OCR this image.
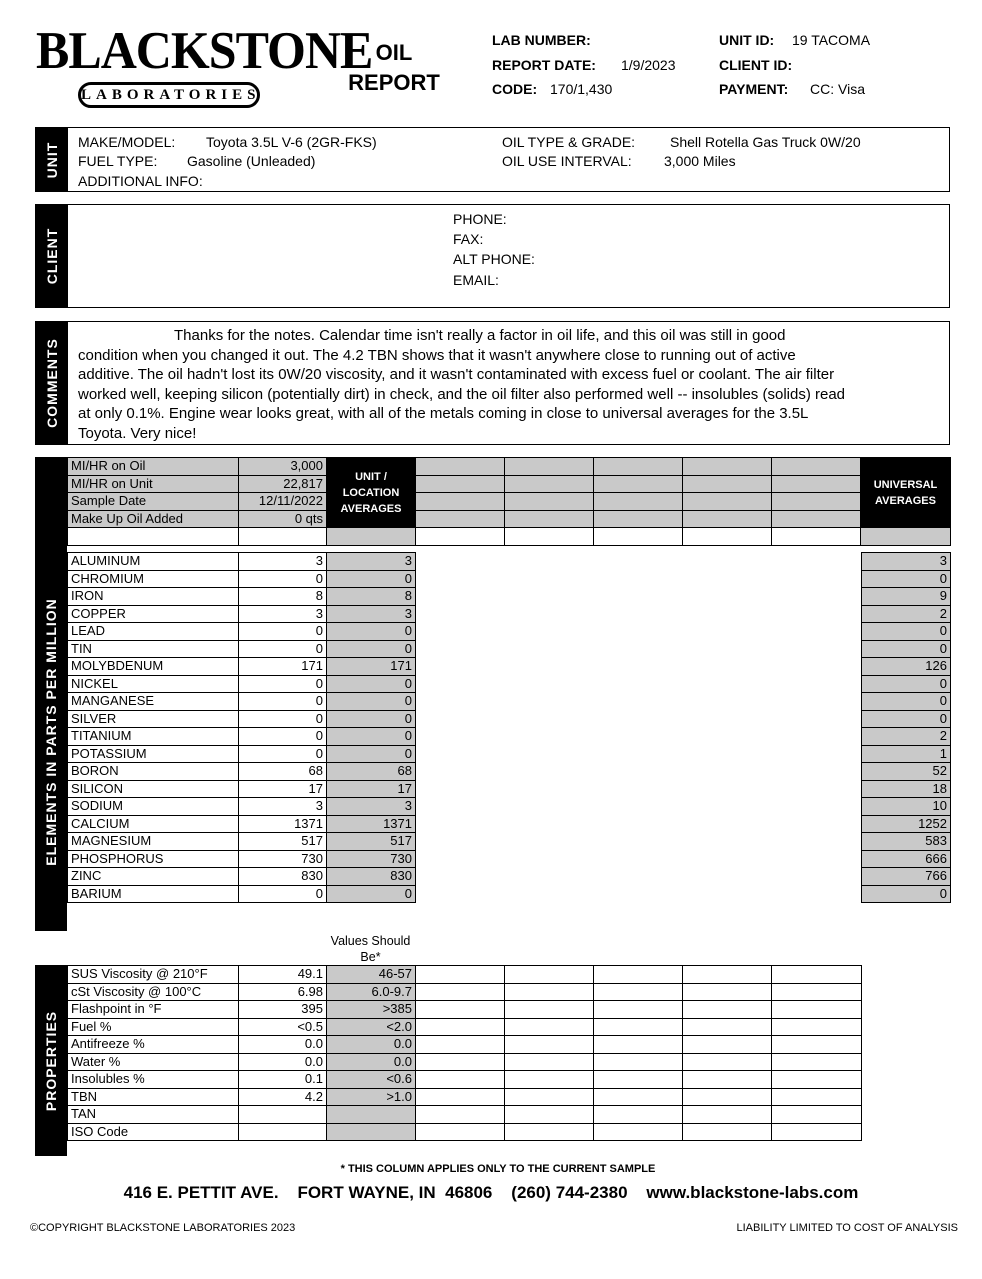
BLACKSTONE
LABORATORIES
OIL
REPORT
LAB NUMBER:
REPORT DATE: 1/9/2023
CODE: 170/1,430
UNIT ID: 19 TACOMA
CLIENT ID:
PAYMENT: CC: Visa
UNIT MAKE/MODEL: Toyota 3.5L V-6 (2GR-FKS)
FUEL TYPE: Gasoline (Unleaded)
ADDITIONAL INFO:
OIL TYPE & GRADE: Shell Rotella Gas Truck 0W/20
OIL USE INTERVAL: 3,000 Miles
CLIENT
PHONE:
FAX:
ALT PHONE:
EMAIL:
COMMENTS
Thanks for the notes. Calendar time isn't really a factor in oil life, and this oil was still in good condition when you changed it out. The 4.2 TBN shows that it wasn't anywhere close to running out of active additive. The oil hadn't lost its 0W/20 viscosity, and it wasn't contaminated with excess fuel or coolant. The air filter worked well, keeping silicon (potentially dirt) in check, and the oil filter also performed well -- insolubles (solids) read at only 0.1%. Engine wear looks great, with all of the metals coming in close to universal averages for the 3.5L Toyota. Very nice!
ELEMENTS IN PARTS PER MILLION
MI/HR on Oil	3,000	UNIT / LOCATION AVERAGES						UNIVERSAL AVERAGES
MI/HR on Unit	22,817							
Sample Date	12/11/2022							
Make Up Oil Added	0 qts							

ALUMINUM	3	3		3
CHROMIUM	0	0		0
IRON	8	8		9
COPPER	3	3		2
LEAD	0	0		0
TIN	0	0		0
MOLYBDENUM	171	171		126
NICKEL	0	0		0
MANGANESE	0	0		0
SILVER	0	0		0
TITANIUM	0	0		2
POTASSIUM	0	0		1
BORON	68	68		52
SILICON	17	17		18
SODIUM	3	3		10
CALCIUM	1371	1371		1252
MAGNESIUM	517	517		583
PHOSPHORUS	730	730		666
ZINC	830	830		766
BARIUM	0	0		0
Values Should Be*
PROPERTIES
SUS Viscosity @ 210°F	49.1	46-57					
cSt Viscosity @ 100°C	6.98	6.0-9.7					
Flashpoint in °F	395	>385					
Fuel %	<0.5	<2.0					
Antifreeze %	0.0	0.0					
Water %	0.0	0.0					
Insolubles %	0.1	<0.6					
TBN	4.2	>1.0					
TAN							
ISO Code							
* THIS COLUMN APPLIES ONLY TO THE CURRENT SAMPLE
416 E. PETTIT AVE.    FORT WAYNE, IN  46806    (260) 744-2380    www.blackstone-labs.com
©COPYRIGHT BLACKSTONE LABORATORIES 2023	LIABILITY LIMITED TO COST OF ANALYSIS
